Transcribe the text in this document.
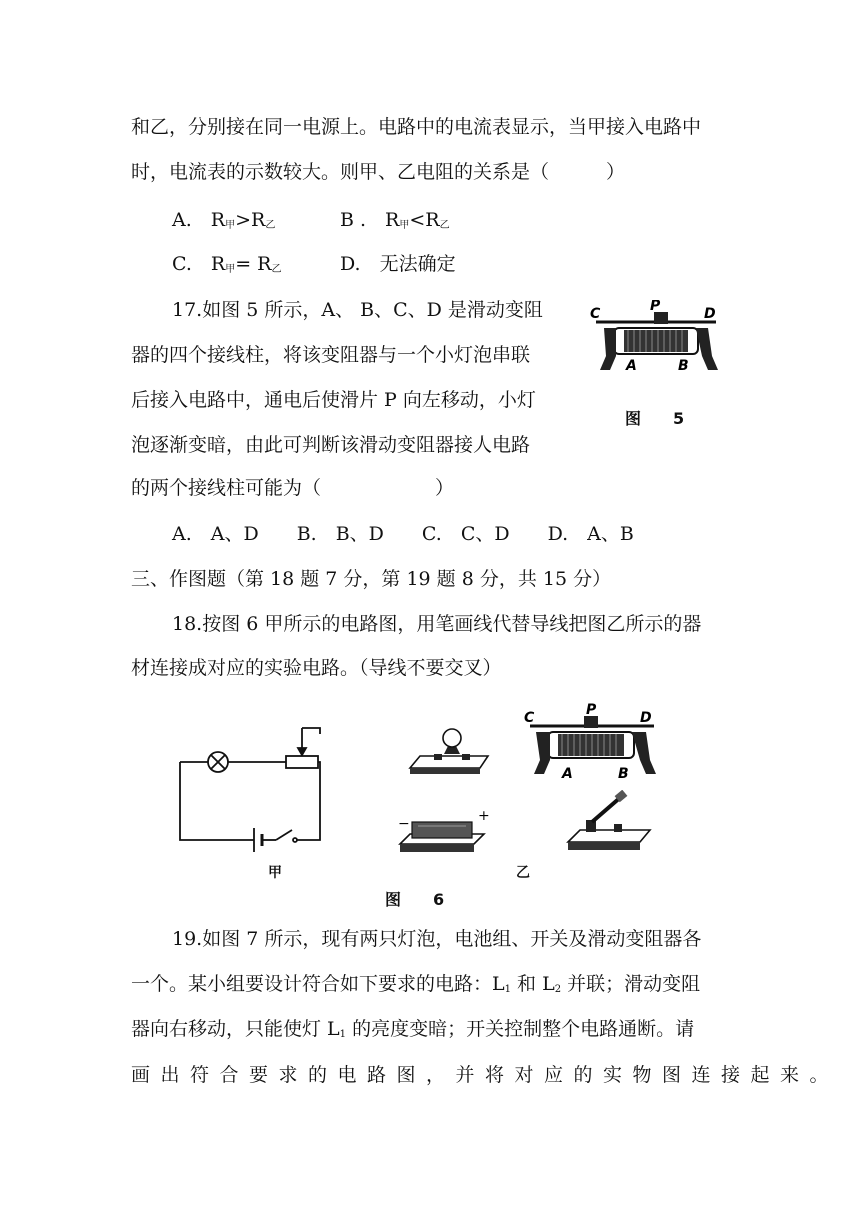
和乙，分别接在同一电源上。电路中的电流表显示，当甲接入电路中
时，电流表的示数较大。则甲、乙电阻的关系是（　　　）
A.　$R_甲>R_乙$	B .　$R_甲<R_乙$
C.　$R_甲= R_乙$	D.　无法确定
17.如图 5 所示，A、 B、C、D 是滑动变阻
器的四个接线柱，将该变阻器与一个小灯泡串联
后接入电路中，通电后使滑片 P 向左移动，小灯
泡逐渐变暗，由此可判断该滑动变阻器接人电路
的两个接线柱可能为（　　　　　　）
C	P	D
A	B
图　　5
A.　A、D　　B.　B、D　　C.　C、D　　D.　A、B
三、作图题（第 18 题 7 分，第 19 题 8 分，共 15 分）
18.按图 6 甲所示的电路图，用笔画线代替导线把图乙所示的器
材连接成对应的实验电路。（导线不要交叉）
甲
−	+
C	P	D
A	B
乙
图　　6
19.如图 7 所示，现有两只灯泡，电池组、开关及滑动变阻器各
一个。某小组要设计符合如下要求的电路：$L_1$ 和 $L_2$ 并联；滑动变阻
器向右移动，只能使灯 $L_1$ 的亮度变暗；开关控制整个电路通断。请
画出符合要求的电路图，并将对应的实物图连接起来。
